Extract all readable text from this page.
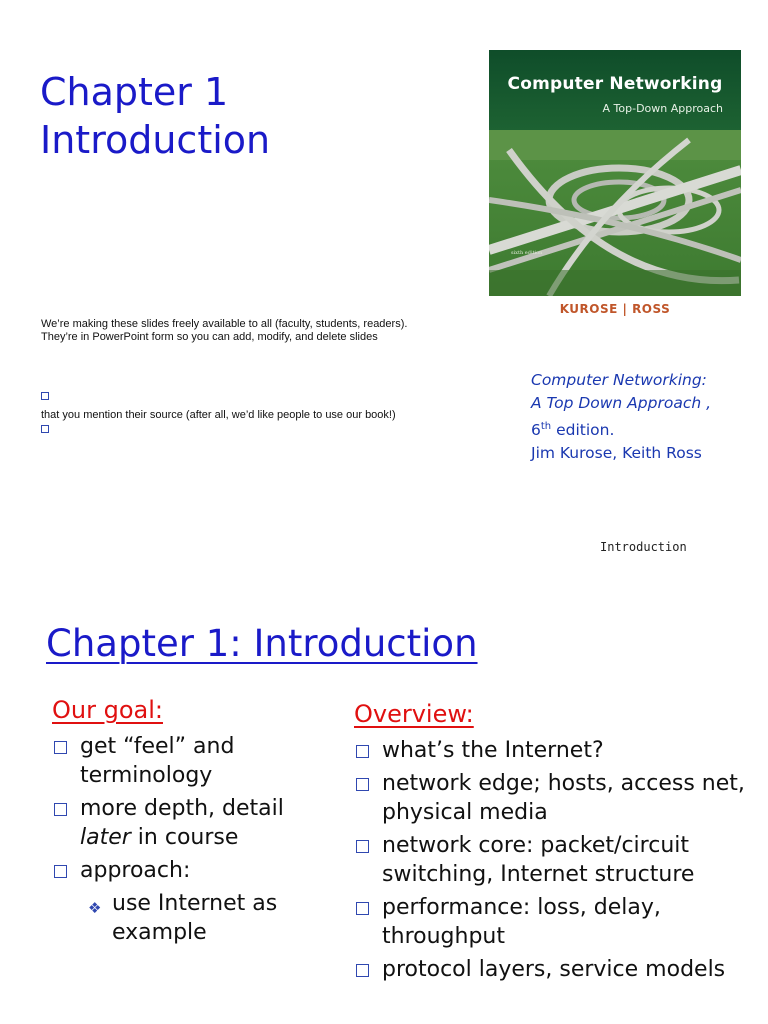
Chapter 1
Introduction
Computer Networking
A Top-Down Approach
sixth edition
KUROSE | ROSS
We’re making these slides freely available to all (faculty, students, readers).
They’re in PowerPoint form so you can add, modify, and delete slides
that you mention their source (after all, we’d like people to use our book!)
Computer Networking:
A Top Down Approach ,
6th edition.
Jim Kurose, Keith Ross
Introduction
Chapter 1: Introduction
Our goal:
get “feel” and terminology
more depth, detail later in course
approach:
❖ use Internet as example
Overview:
what’s the Internet?
network edge; hosts, access net, physical media
network core: packet/circuit switching, Internet structure
performance: loss, delay, throughput
protocol layers, service models
